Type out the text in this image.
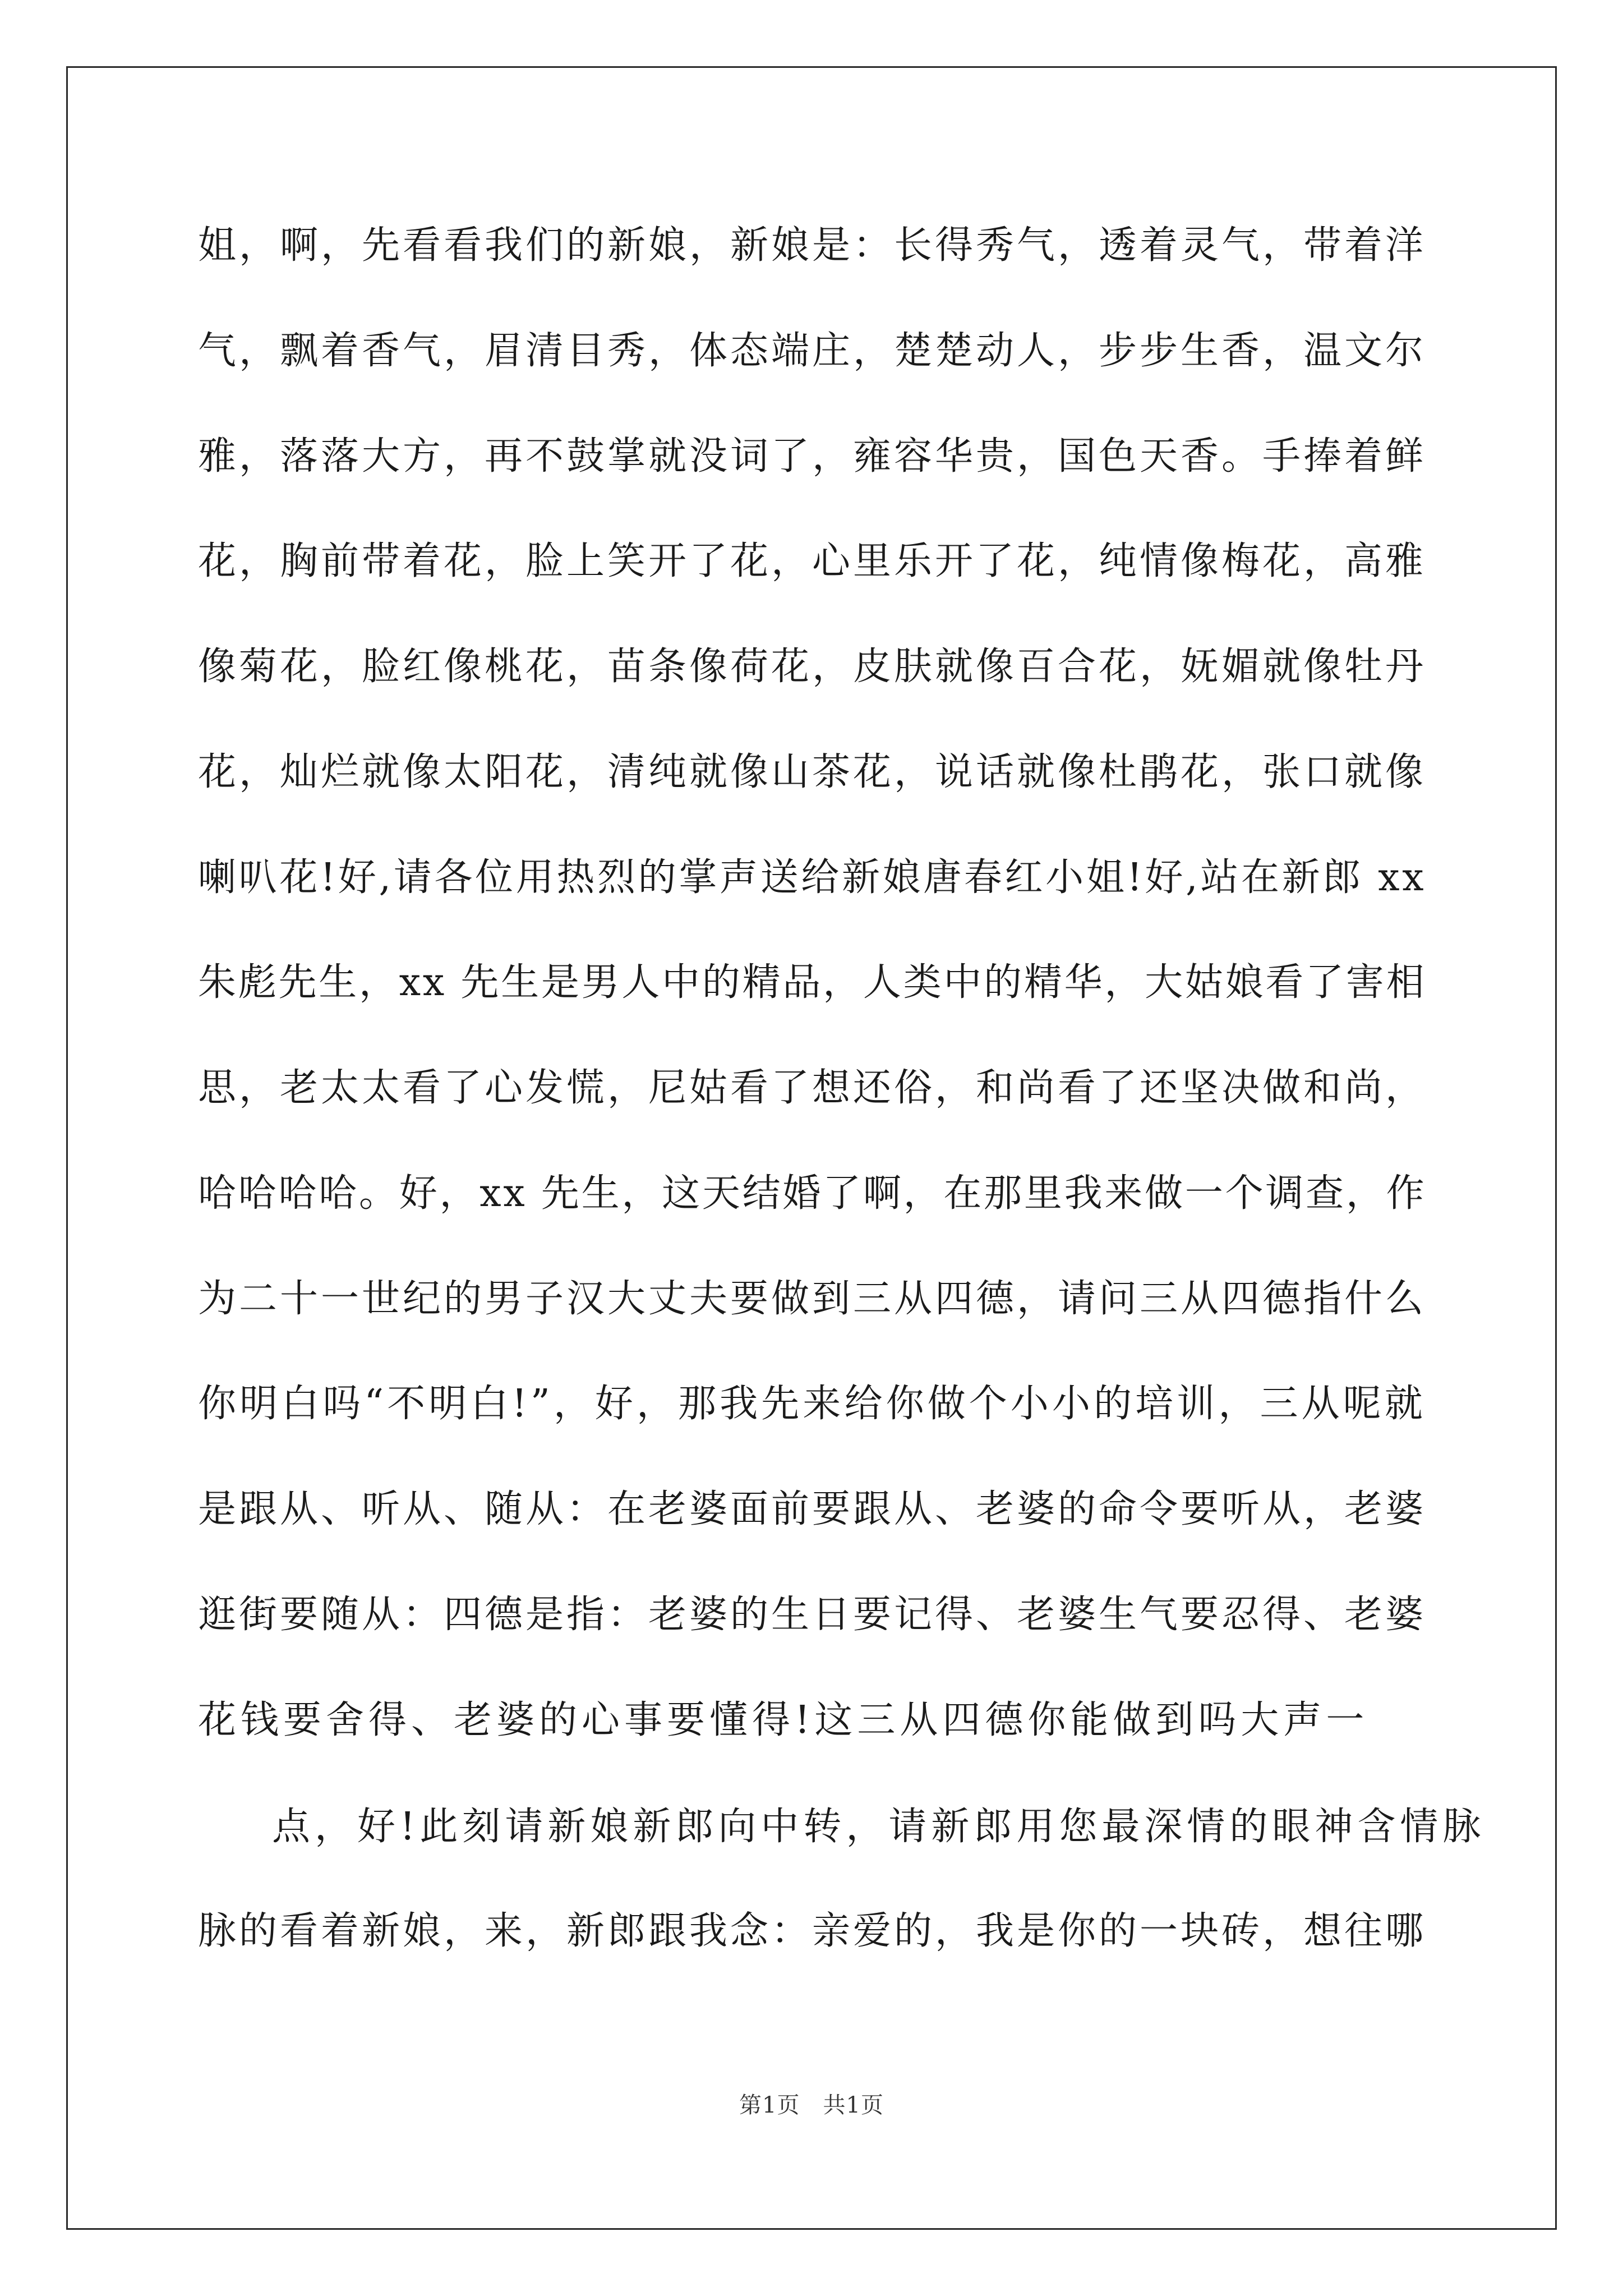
姐，啊，先看看我们的新娘，新娘是：长得秀气，透着灵气，带着洋
气，飘着香气，眉清目秀，体态端庄，楚楚动人，步步生香，温文尔
雅，落落大方，再不鼓掌就没词了，雍容华贵，国色天香。手捧着鲜
花，胸前带着花，脸上笑开了花，心里乐开了花，纯情像梅花，高雅
像菊花，脸红像桃花，苗条像荷花，皮肤就像百合花，妩媚就像牡丹
花，灿烂就像太阳花，清纯就像山茶花，说话就像杜鹃花，张口就像
喇叭花!好,请各位用热烈的掌声送给新娘唐春红小姐!好,站在新郎 xx
朱彪先生，xx 先生是男人中的精品，人类中的精华，大姑娘看了害相
思，老太太看了心发慌，尼姑看了想还俗，和尚看了还坚决做和尚，
哈哈哈哈。好，xx 先生，这天结婚了啊，在那里我来做一个调查，作
为二十一世纪的男子汉大丈夫要做到三从四德，请问三从四德指什么
你明白吗“不明白!”，好，那我先来给你做个小小的培训，三从呢就
是跟从、听从、随从：在老婆面前要跟从、老婆的命令要听从，老婆
逛街要随从：四德是指：老婆的生日要记得、老婆生气要忍得、老婆
花钱要舍得、老婆的心事要懂得!这三从四德你能做到吗大声一
点，好!此刻请新娘新郎向中转，请新郎用您最深情的眼神含情脉
脉的看着新娘，来，新郎跟我念：亲爱的，我是你的一块砖，想往哪
第1页　共1页
